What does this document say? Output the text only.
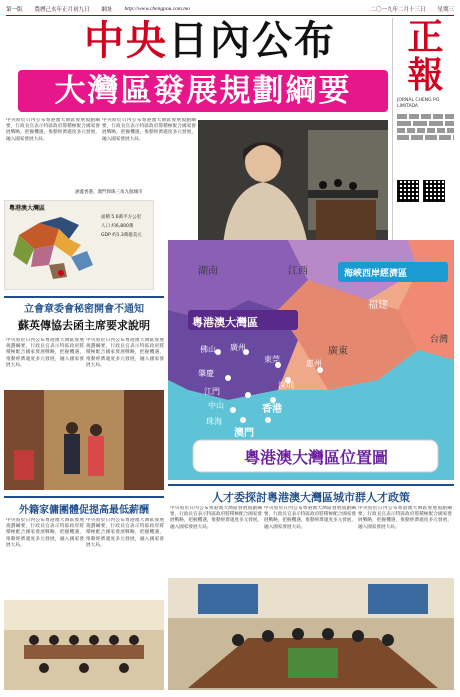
第一版 農曆己亥年正月初九日 網址 http://www.chengpou.com.mo	二〇一九年二月十三日 星期三
中央日內公布
大灣區發展規劃綱要
正
報
JORNAL CHENG PO LIMITADA
中央將於日內公布粵港澳大灣區發展規劃綱要，行政長官表示特區政府將積極配合國家發展戰略，把握機遇，推動經濟適度多元發展，融入國家發展大局。
中央將於日內公布粵港澳大灣區發展規劃綱要，行政長官表示特區政府將積極配合國家發展戰略，把握機遇，推動經濟適度多元發展，融入國家發展大局。
粵港澳大灣區
涵蓋香港、澳門與珠三角九個城市
面積 5.6萬平方公里
人口 約6,800萬
GDP 約1.3萬億美元
湖南	江西	海峽西岸經濟區
福建
台灣
廣東
粵港澳大灣區
佛山 廣州
肇慶
東莞	惠州
江門
深圳
中山
珠海
澳門
香港
粵港澳大灣區位置圖
立會章委會秘密開會不通知
蘇英傳協去函主席要求說明
中央將於日內公布粵港澳大灣區發展規劃綱要，行政長官表示特區政府將積極配合國家發展戰略，把握機遇，推動經濟適度多元發展，融入國家發展大局。
中央將於日內公布粵港澳大灣區發展規劃綱要，行政長官表示特區政府將積極配合國家發展戰略，把握機遇，推動經濟適度多元發展，融入國家發展大局。
外籍家傭團體促提高最低薪酬
中央將於日內公布粵港澳大灣區發展規劃綱要，行政長官表示特區政府將積極配合國家發展戰略，把握機遇，推動經濟適度多元發展，融入國家發展大局。
中央將於日內公布粵港澳大灣區發展規劃綱要，行政長官表示特區政府將積極配合國家發展戰略，把握機遇，推動經濟適度多元發展，融入國家發展大局。
人才委探討粵港澳大灣區城市群人才政策
中央將於日內公布粵港澳大灣區發展規劃綱要，行政長官表示特區政府將積極配合國家發展戰略，把握機遇，推動經濟適度多元發展，融入國家發展大局。
中央將於日內公布粵港澳大灣區發展規劃綱要，行政長官表示特區政府將積極配合國家發展戰略，把握機遇，推動經濟適度多元發展，融入國家發展大局。
中央將於日內公布粵港澳大灣區發展規劃綱要，行政長官表示特區政府將積極配合國家發展戰略，把握機遇，推動經濟適度多元發展，融入國家發展大局。
